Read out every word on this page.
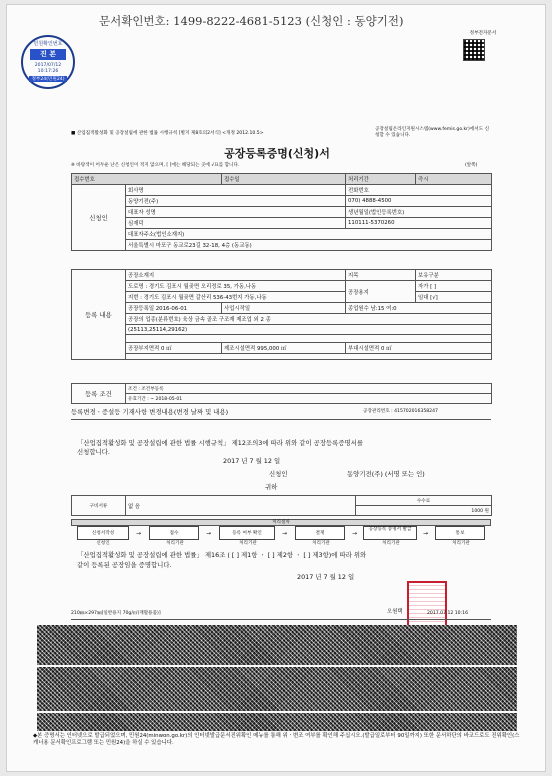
문서확인번호: 1499-8222-4681-5123 (신청인 : 동양기전)
민원확인번호
진 본
2017/07/12
10:17:26
정부24(민원24)
정부전자문서
■ 산업집적활성화 및 공장설립에 관한 법률 시행규칙 [별지 제8호의2서식] <개정 2012.10.5>
공장설립온라인지원시스템(www.femis.go.kr)에서도 신청할 수 있습니다.
공장등록증명(신청)서
※ 바탕색이 어두운 난은 신청인이 적지 않으며, [ ]에는 해당되는 곳에 √표를 합니다.	(앞쪽)
접수번호		접수일	처리기간	즉시
신청인	회사명		전화번호	
	동양기전(주)		070) 4888-4500	
	대표자 성명		생년월일(법인등록번호)	
	심재덕		110111-5370260	
	대표자주소(법인소재지)			
	서울특별시 마포구 동교로23길 32-18, 4층 (동교동)			
등록 내용	공장소재지		지목	보유구분
	도로명 : 경기도 김포시 월곶면 오리정로 35, 가동,나동		공장용지	자가 [ ]
	지번 : 경기도 김포시 월곶면 갈산리 536-43번지 가동,나동			임대 [√]
	공장등록일 2016-06-01	사업시작일	종업원수 남:15 여:0	
	공장의 업종(분류번호) 육상 금속 골조 구조재 제조업 외 2 종			
	(25113,25114,29162)			

	공장부지면적 0 ㎡	제조시설면적 995,000 ㎡	부대시설면적 0 ㎡	

등록 조건	조건 : 조건부등록
유효기간 : ~ 2018-05-01
등록변경ㆍ증설등 기재사항 변경내용(변경 날짜 및 내용)	공장관리번호 : 415702016358247
「산업집적활성화 및 공장설립에 관한 법률 시행규칙」 제12조의3에 따라 위와 같이 공장등록증명서를
신청합니다.
2017 년 7 월 12 일
신청인	동양기전(주) (서명 또는 인)
귀하
구비서류	없 음	수수료
1000 원
처리절차
신청서작성	→	접수	→	등록 여부 확인	→	결재	→
공장등록 증명서 발급
→	통보
신청인	처리기관	처리기관	처리기관	처리기관	처리기관
「산업집적활성화 및 공장설립에 관한 법률」 제16조 ( [ ] 제1항 ㆍ [ ] 제2항 ㆍ [ ] 제3항)에 따라 위와
같이 등록된 공장임을 증명합니다.
2017 년 7 월 12 일
오원택	2017.07.12 10:16
210㎜×297㎜[일반용지 70g/㎡(재활용품)]
◆본 증명서는 인터넷으로 발급되었으며, 민원24(minwon.go.kr)의 인터넷발급문서진위확인 메뉴를 통해 위ㆍ변조 여부를 확인해 주십시오.(발급일로부터 90일까지) 또한 문서하단의 바코드로도 진위확인(스캐너용 문서확인프로그램 또는 민원24)을 하실 수 있습니다.
